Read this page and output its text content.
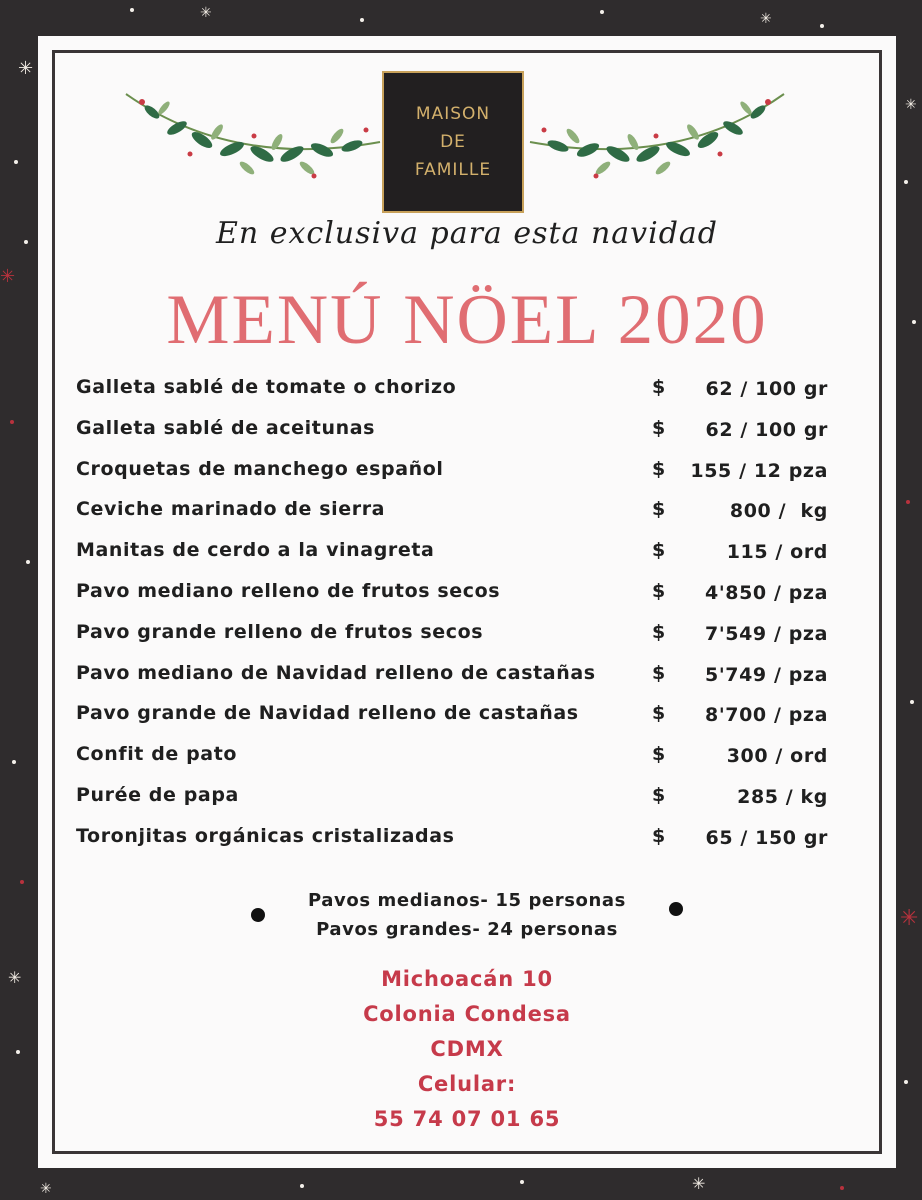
✳
✳
✳
✳
✳
✳
✳
✳
✳
MAISON
DE
FAMILLE
En exclusiva para esta navidad
MENÚ NÖEL 2020
Galleta sablé de tomate o chorizo	$ 62 / 100 gr
Galleta sablé de aceitunas	$ 62 / 100 gr
Croquetas de manchego español	$ 155 / 12 pza
Ceviche marinado de sierra	$	800 /  kg
Manitas de cerdo a la vinagreta	$	115 / ord
Pavo mediano relleno de frutos secos	$ 4'850 / pza
Pavo grande relleno de frutos secos	$ 7'549 / pza
Pavo mediano de Navidad relleno de castañas	$ 5'749 / pza
Pavo grande de Navidad relleno de castañas	$ 8'700 / pza
Confit de pato	$	300 / ord
Purée de papa	$	285 / kg
Toronjitas orgánicas cristalizadas	$ 65 / 150 gr
Pavos medianos- 15 personas
Pavos grandes- 24 personas
Michoacán 10
Colonia Condesa
CDMX
Celular:
55 74 07 01 65
